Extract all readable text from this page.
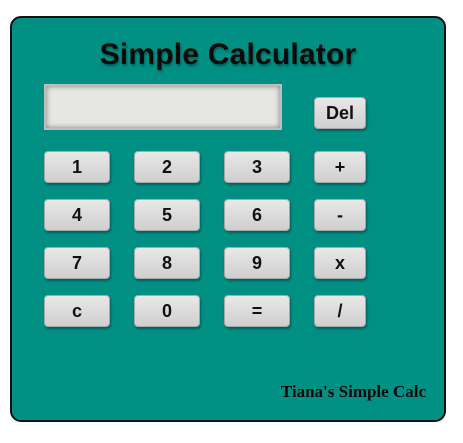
Simple Calculator
Del
1	2	3	+
4	5	6	-
7	8	9	x
c	0	=	/
Tiana's Simple Calc
